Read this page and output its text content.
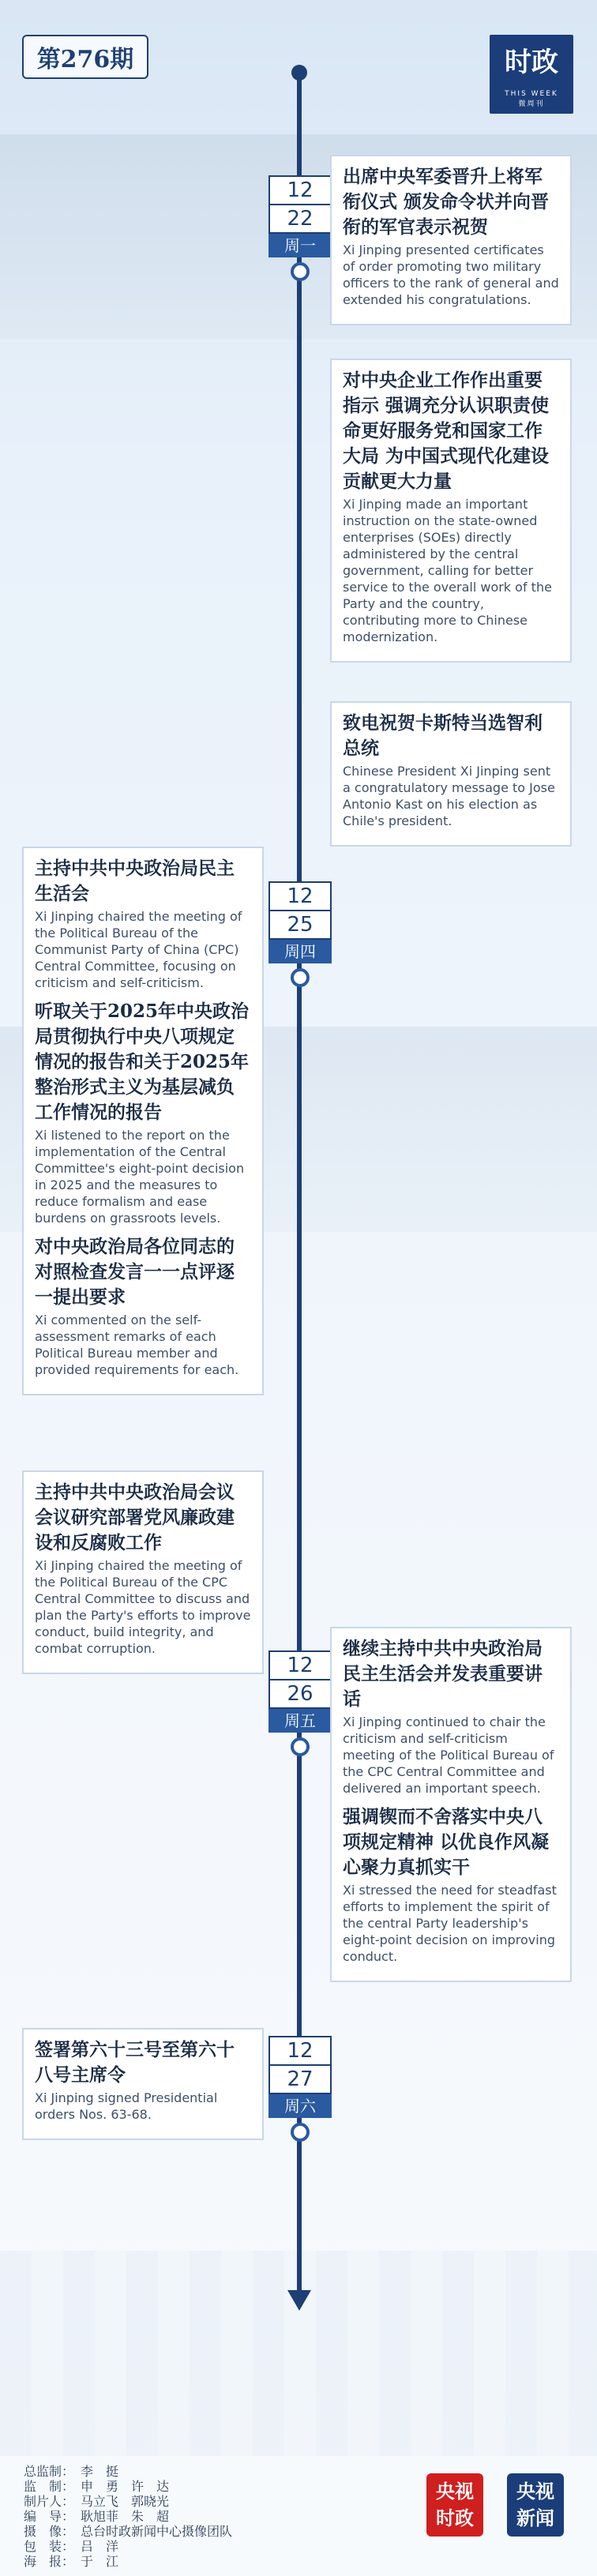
第276期	时政
THIS WEEK
微周刊
12
22
周一
12
25
周四
12
26
周五
12
27
周六

出席中央军委晋升上将军衔仪式 颁发命令状并向晋衔的军官表示祝贺

Xi Jinping presented certificates of order promoting two military officers to the rank of general and extended his congratulations.

对中央企业工作作出重要指示 强调充分认识职责使命更好服务党和国家工作大局 为中国式现代化建设贡献更大力量

Xi Jinping made an important instruction on the state-owned enterprises (SOEs) directly administered by the central government, calling for better service to the overall work of the Party and the country, contributing more to Chinese modernization.

致电祝贺卡斯特当选智利总统

Chinese President Xi Jinping sent a congratulatory message to Jose Antonio Kast on his election as Chile's president.

主持中共中央政治局民主生活会

Xi Jinping chaired the meeting of the Political Bureau of the Communist Party of China (CPC) Central Committee, focusing on criticism and self-criticism.

听取关于2025年中央政治局贯彻执行中央八项规定情况的报告和关于2025年整治形式主义为基层减负工作情况的报告

Xi listened to the report on the implementation of the Central Committee's eight-point decision in 2025 and the measures to reduce formalism and ease burdens on grassroots levels.

对中央政治局各位同志的对照检查发言一一点评逐一提出要求

Xi commented on the self-assessment remarks of each Political Bureau member and provided requirements for each.

主持中共中央政治局会议会议研究部署党风廉政建设和反腐败工作

Xi Jinping chaired the meeting of the Political Bureau of the CPC Central Committee to discuss and plan the Party's efforts to improve conduct, build integrity, and combat corruption.	继续主持中共中央政治局民主生活会并发表重要讲话

Xi Jinping continued to chair the criticism and self-criticism meeting of the Political Bureau of the CPC Central Committee and delivered an important speech.

强调锲而不舍落实中央八项规定精神 以优良作风凝心聚力真抓实干

Xi stressed the need for steadfast efforts to implement the spirit of the central Party leadership's eight-point decision on improving conduct.

签署第六十三号至第六十八号主席令

Xi Jinping signed Presidential orders Nos. 63-68.

总监制： 李　挺
监　制： 申　勇　许　达
制片人： 马立飞　郭晓光
编　导： 耿旭菲　朱　超
摄　像： 总台时政新闻中心摄像团队
包　装： 吕　洋
海　报： 于　江
央视
时政
央视
新闻
